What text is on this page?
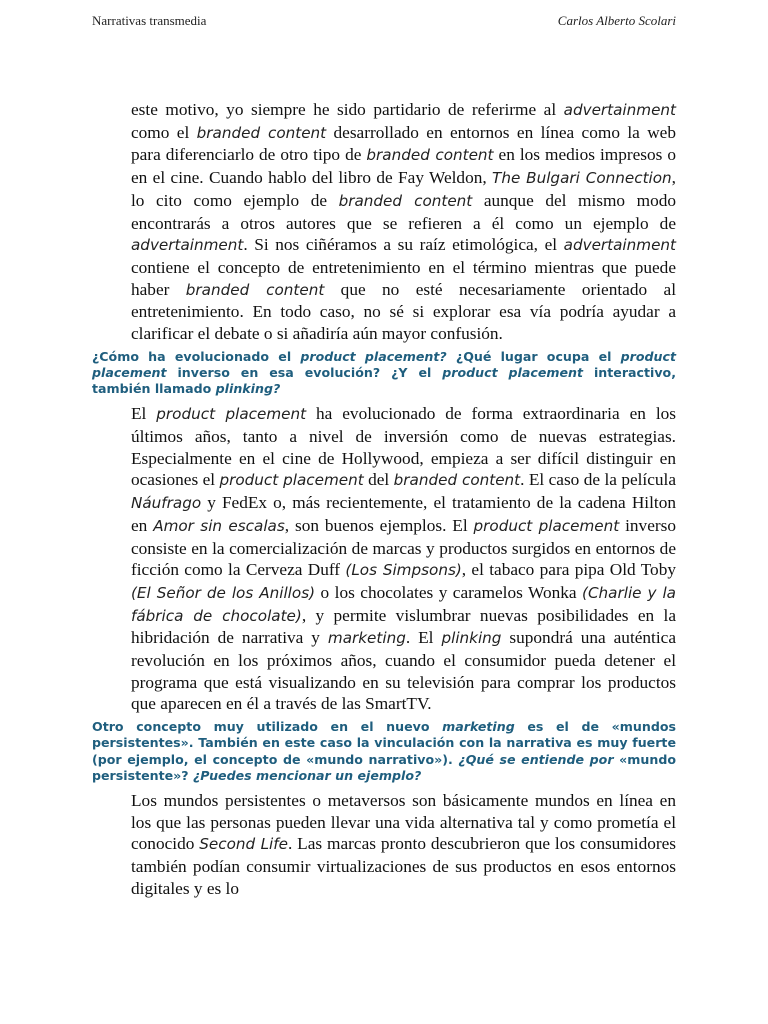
Narrativas transmedia	Carlos Alberto Scolari

este motivo, yo siempre he sido partidario de referirme al advertainment como el branded content desarrollado en entornos en línea como la web para diferenciarlo de otro tipo de branded content en los medios impresos o en el cine. Cuando hablo del libro de Fay Weldon, The Bulgari Connection, lo cito como ejemplo de branded content aunque del mismo modo encontrarás a otros autores que se refieren a él como un ejemplo de advertainment. Si nos ciñéramos a su raíz etimológica, el advertainment contiene el concepto de entretenimiento en el término mientras que puede haber branded content que no esté necesariamente orientado al entretenimiento. En todo caso, no sé si explorar esa vía podría ayudar a clarificar el debate o si añadiría aún mayor confusión.

¿Cómo ha evolucionado el product placement? ¿Qué lugar ocupa el product placement inverso en esa evolución? ¿Y el product placement interactivo, también llamado plinking?

El product placement ha evolucionado de forma extraordinaria en los últimos años, tanto a nivel de inversión como de nuevas estrategias. Especialmente en el cine de Hollywood, empieza a ser difícil distinguir en ocasiones el product placement del branded content. El caso de la película Náufrago y FedEx o, más recientemente, el tratamiento de la cadena Hilton en Amor sin escalas, son buenos ejemplos. El product placement inverso consiste en la comercialización de marcas y productos surgidos en entornos de ficción como la Cerveza Duff (Los Simpsons), el tabaco para pipa Old Toby (El Señor de los Anillos) o los chocolates y caramelos Wonka (Charlie y la fábrica de chocolate), y permite vislumbrar nuevas posibilidades en la hibridación de narrativa y marketing. El plinking supondrá una auténtica revolución en los próximos años, cuando el consumidor pueda detener el programa que está visualizando en su televisión para comprar los productos que aparecen en él a través de las SmartTV.

Otro concepto muy utilizado en el nuevo marketing es el de «mundos persistentes». También en este caso la vinculación con la narrativa es muy fuerte (por ejemplo, el concepto de «mundo narrativo»). ¿Qué se entiende por «mundo persistente»? ¿Puedes mencionar un ejemplo?

Los mundos persistentes o metaversos son básicamente mundos en línea en los que las personas pueden llevar una vida alternativa tal y como prometía el conocido Second Life. Las marcas pronto descubrieron que los consumidores también podían consumir virtualizaciones de sus productos en esos entornos digitales y es lo
